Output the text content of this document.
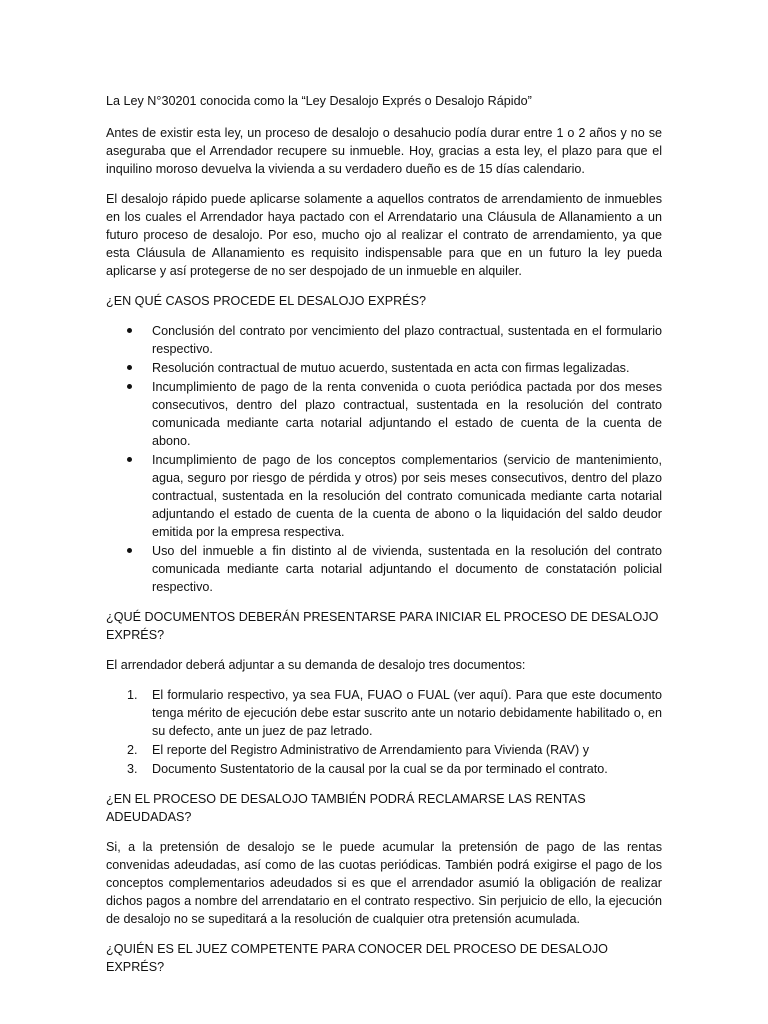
La Ley N°30201 conocida como la “Ley Desalojo Exprés o Desalojo Rápido”

Antes de existir esta ley, un proceso de desalojo o desahucio podía durar entre 1 o 2 años y no se aseguraba que el Arrendador recupere su inmueble. Hoy, gracias a esta ley, el plazo para que el inquilino moroso devuelva la vivienda a su verdadero dueño es de 15 días calendario.

El desalojo rápido puede aplicarse solamente a aquellos contratos de arrendamiento de inmuebles en los cuales el Arrendador haya pactado con el Arrendatario una Cláusula de Allanamiento a un futuro proceso de desalojo. Por eso, mucho ojo al realizar el contrato de arrendamiento, ya que esta Cláusula de Allanamiento es requisito indispensable para que en un futuro la ley pueda aplicarse y así protegerse de no ser despojado de un inmueble en alquiler.

¿EN QUÉ CASOS PROCEDE EL DESALOJO EXPRÉS?

Conclusión del contrato por vencimiento del plazo contractual, sustentada en el formulario respectivo.
Resolución contractual de mutuo acuerdo, sustentada en acta con firmas legalizadas.
Incumplimiento de pago de la renta convenida o cuota periódica pactada por dos meses consecutivos, dentro del plazo contractual, sustentada en la resolución del contrato comunicada mediante carta notarial adjuntando el estado de cuenta de la cuenta de abono.
Incumplimiento de pago de los conceptos complementarios (servicio de mantenimiento, agua, seguro por riesgo de pérdida y otros) por seis meses consecutivos, dentro del plazo contractual, sustentada en la resolución del contrato comunicada mediante carta notarial adjuntando el estado de cuenta de la cuenta de abono o la liquidación del saldo deudor emitida por la empresa respectiva.
Uso del inmueble a fin distinto al de vivienda, sustentada en la resolución del contrato comunicada mediante carta notarial adjuntando el documento de constatación policial respectivo.

¿QUÉ DOCUMENTOS DEBERÁN PRESENTARSE PARA INICIAR EL PROCESO DE DESALOJO EXPRÉS?

El arrendador deberá adjuntar a su demanda de desalojo tres documentos:

El formulario respectivo, ya sea FUA, FUAO o FUAL (ver aquí). Para que este documento tenga mérito de ejecución debe estar suscrito ante un notario debidamente habilitado o, en su defecto, ante un juez de paz letrado.
El reporte del Registro Administrativo de Arrendamiento para Vivienda (RAV) y
Documento Sustentatorio de la causal por la cual se da por terminado el contrato.

¿EN EL PROCESO DE DESALOJO TAMBIÉN PODRÁ RECLAMARSE LAS RENTAS ADEUDADAS?

Si, a la pretensión de desalojo se le puede acumular la pretensión de pago de las rentas convenidas adeudadas, así como de las cuotas periódicas. También podrá exigirse el pago de los conceptos complementarios adeudados si es que el arrendador asumió la obligación de realizar dichos pagos a nombre del arrendatario en el contrato respectivo. Sin perjuicio de ello, la ejecución de desalojo no se supeditará a la resolución de cualquier otra pretensión acumulada.

¿QUIÉN ES EL JUEZ COMPETENTE PARA CONOCER DEL PROCESO DE DESALOJO EXPRÉS?
